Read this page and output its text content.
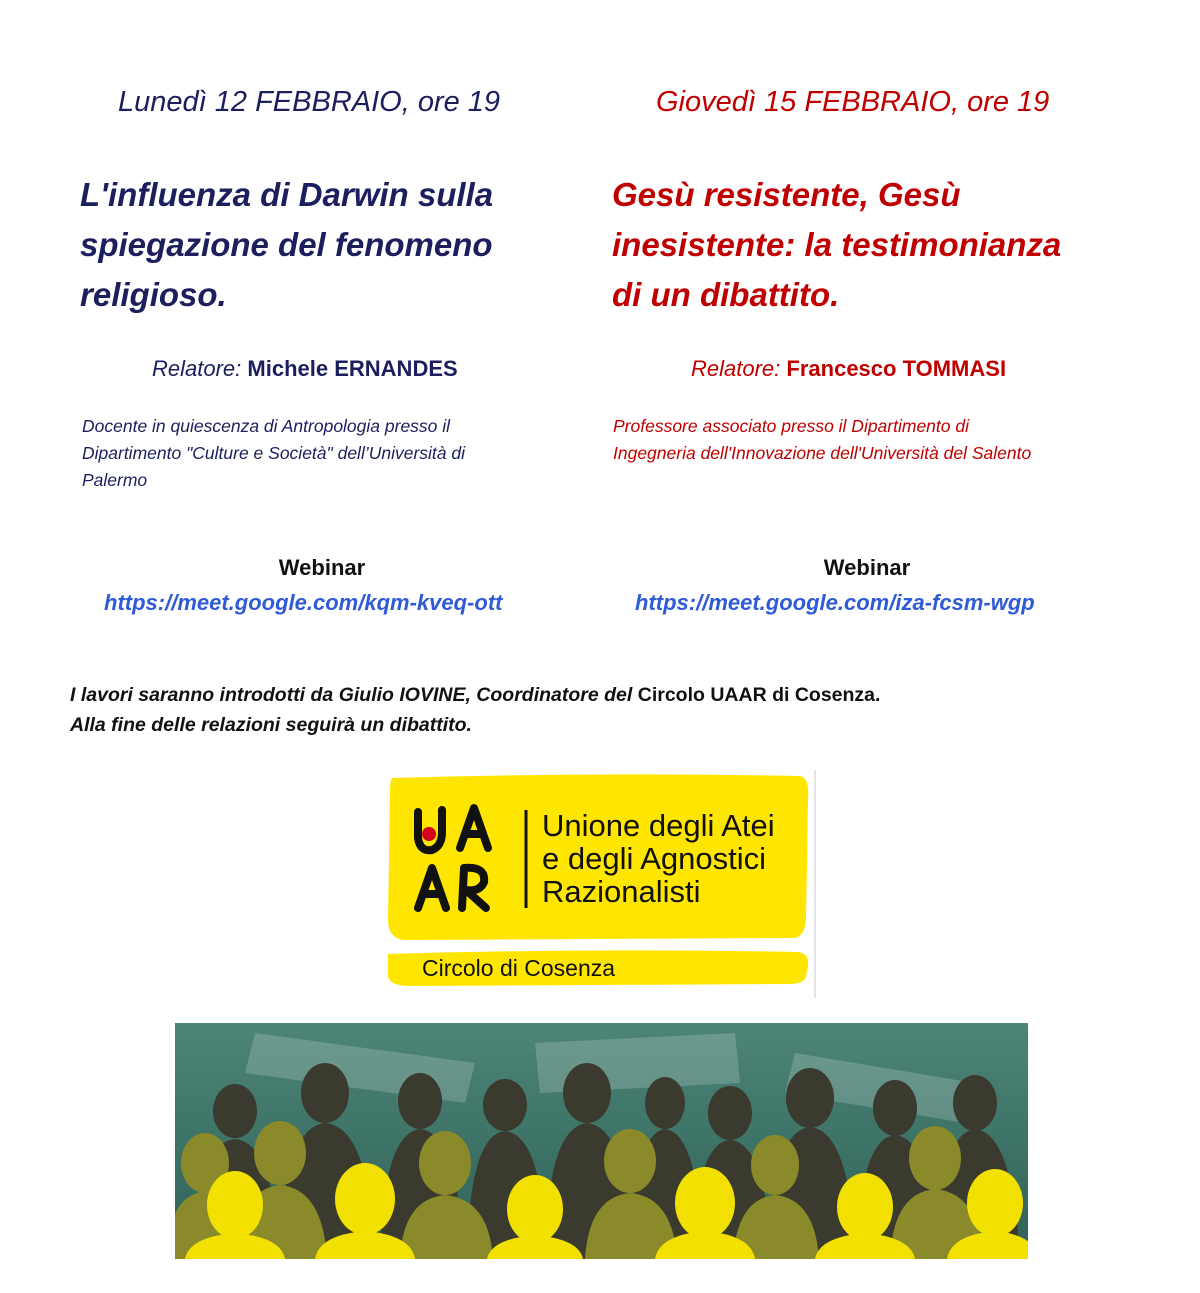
Lunedì 12 FEBBRAIO, ore 19
L'influenza di Darwin sulla
spiegazione del fenomeno
religioso.
Relatore: Michele ERNANDES
Docente in quiescenza di Antropologia presso il
Dipartimento "Culture e Società" dell’Università di
Palermo
Webinar
https://meet.google.com/kqm-kveq-ott
Giovedì 15 FEBBRAIO, ore 19
Gesù resistente, Gesù
inesistente: la testimonianza
di un dibattito.
Relatore: Francesco TOMMASI
Professore associato presso il Dipartimento di
Ingegneria dell'Innovazione dell'Università del Salento
Webinar
https://meet.google.com/iza-fcsm-wgp
I lavori saranno introdotti da Giulio IOVINE, Coordinatore del Circolo UAAR di Cosenza.
Alla fine delle relazioni seguirà un dibattito.
Unione degli Atei
e degli Agnostici
Razionalisti
Circolo di Cosenza
